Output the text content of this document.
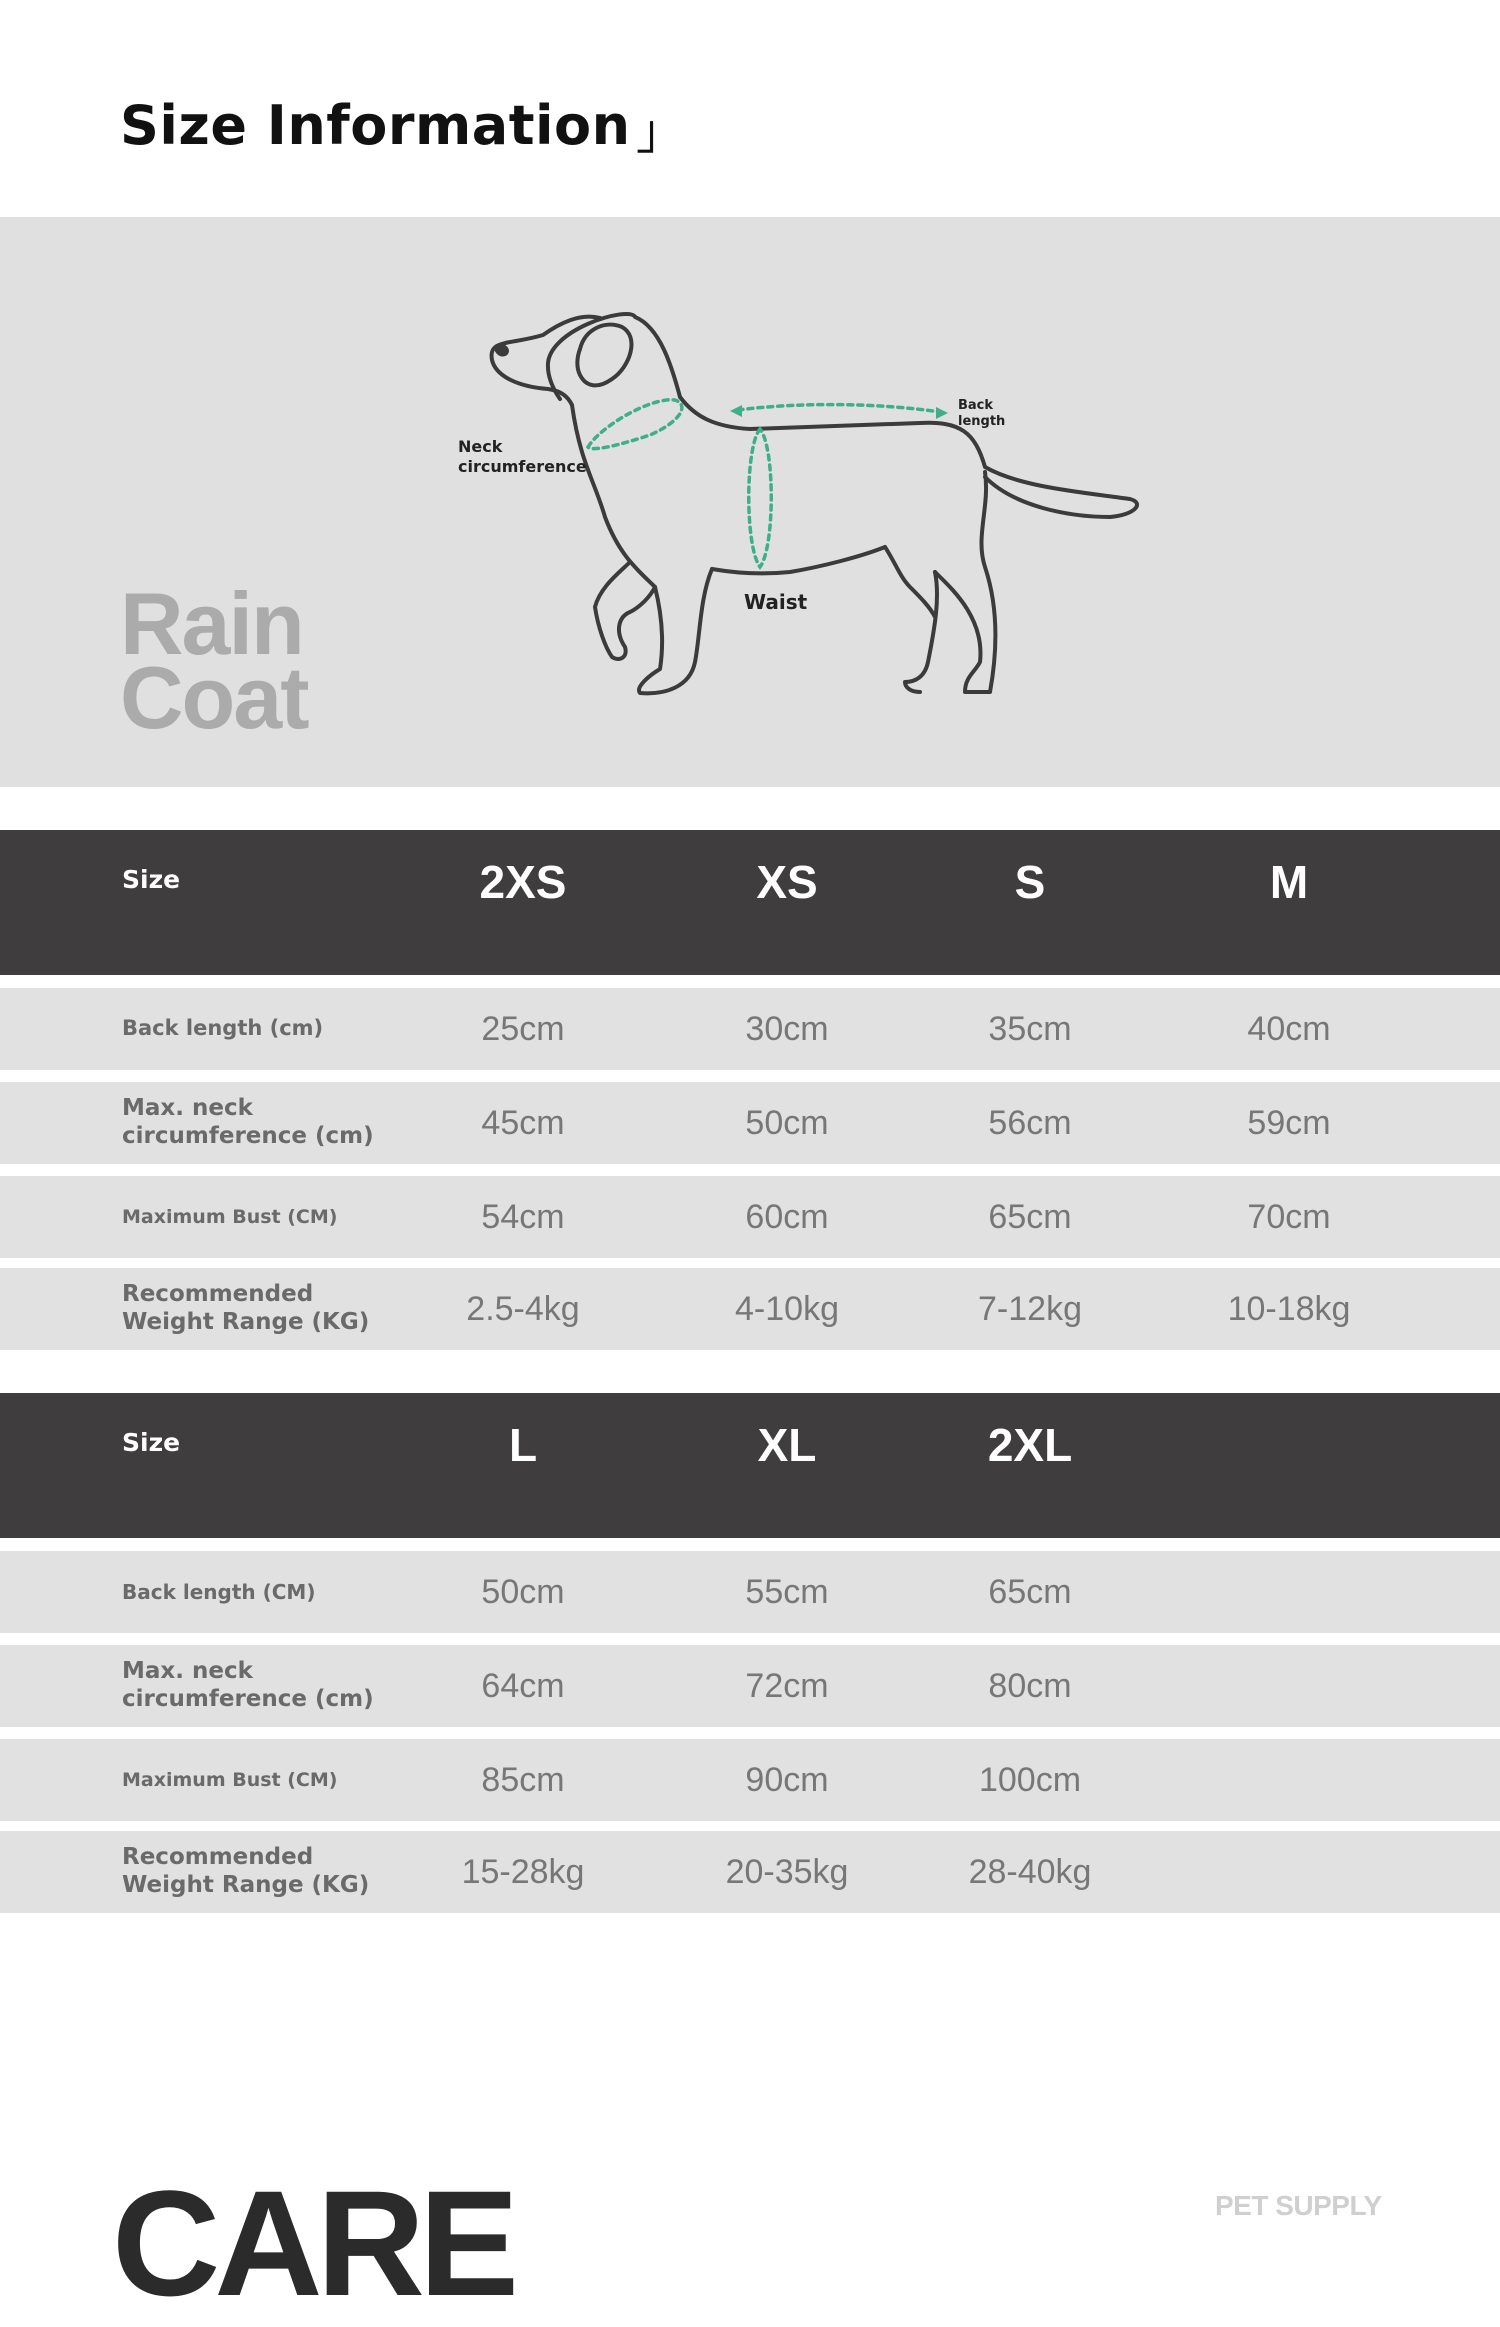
Size Information 」
Rain
Coat
Neck
circumference
Back
length
Waist
Size	2XS	XS	S	M
Back length (cm)	25cm	30cm	35cm	40cm
Max. neck circumference (cm)	45cm	50cm	56cm	59cm
Maximum Bust (CM)	54cm	60cm	65cm	70cm
Recommended Weight Range (KG)	2.5-4kg	4-10kg	7-12kg	10-18kg
Size	L	XL	2XL
Back length (CM)	50cm	55cm	65cm
Max. neck circumference (cm)	64cm	72cm	80cm
Maximum Bust (CM)	85cm	90cm	100cm
Recommended Weight Range (KG)	15-28kg	20-35kg	28-40kg
CARE	PET SUPPLY
